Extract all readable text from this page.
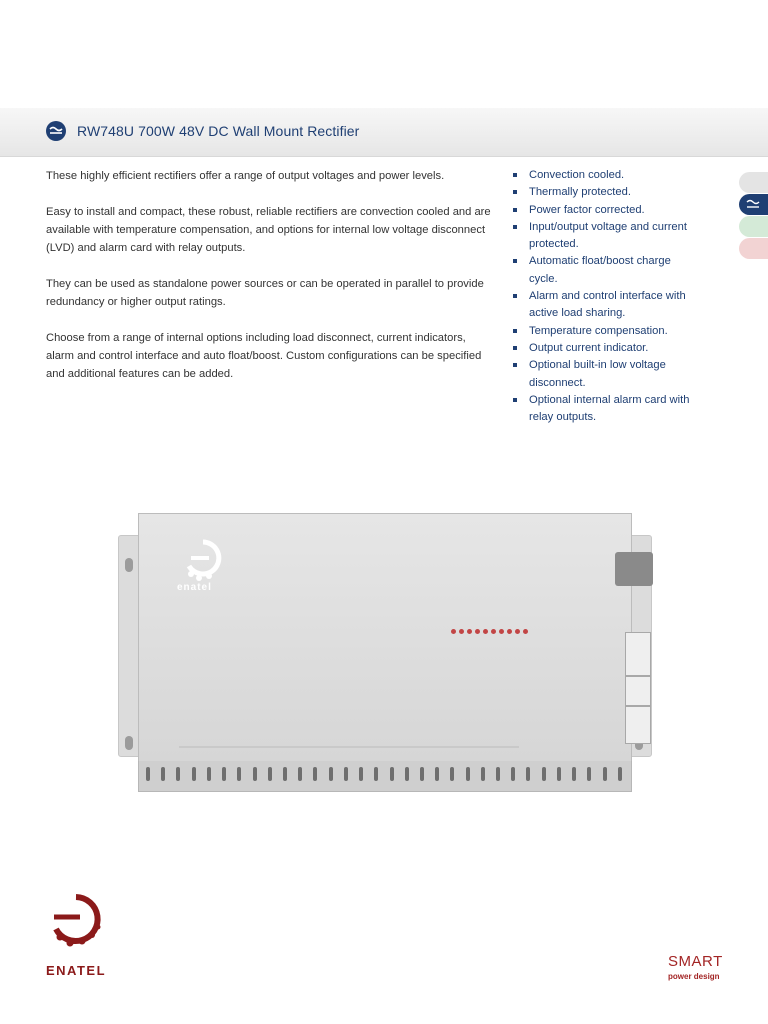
RW748U 700W 48V DC Wall Mount Rectifier

These highly efficient rectifiers offer a range of output voltages and power levels.

Easy to install and compact, these robust, reliable rectifiers are convection cooled and are available with temperature compensation, and options for internal low voltage disconnect (LVD) and alarm card with relay outputs.

They can be used as standalone power sources or can be operated in parallel to provide redundancy or higher output ratings.

Choose from a range of internal options including load disconnect, current indicators, alarm and control interface and auto float/boost. Custom configurations can be specified and additional features can be added.

Convection cooled.
Thermally protected.
Power factor corrected.
Input/output voltage and current protected.
Automatic float/boost charge cycle.
Alarm and control interface with active load sharing.
Temperature compensation.
Output current indicator.
Optional built-in low voltage disconnect.
Optional internal alarm card with relay outputs.
enatel
ENATEL
SMART
power design
